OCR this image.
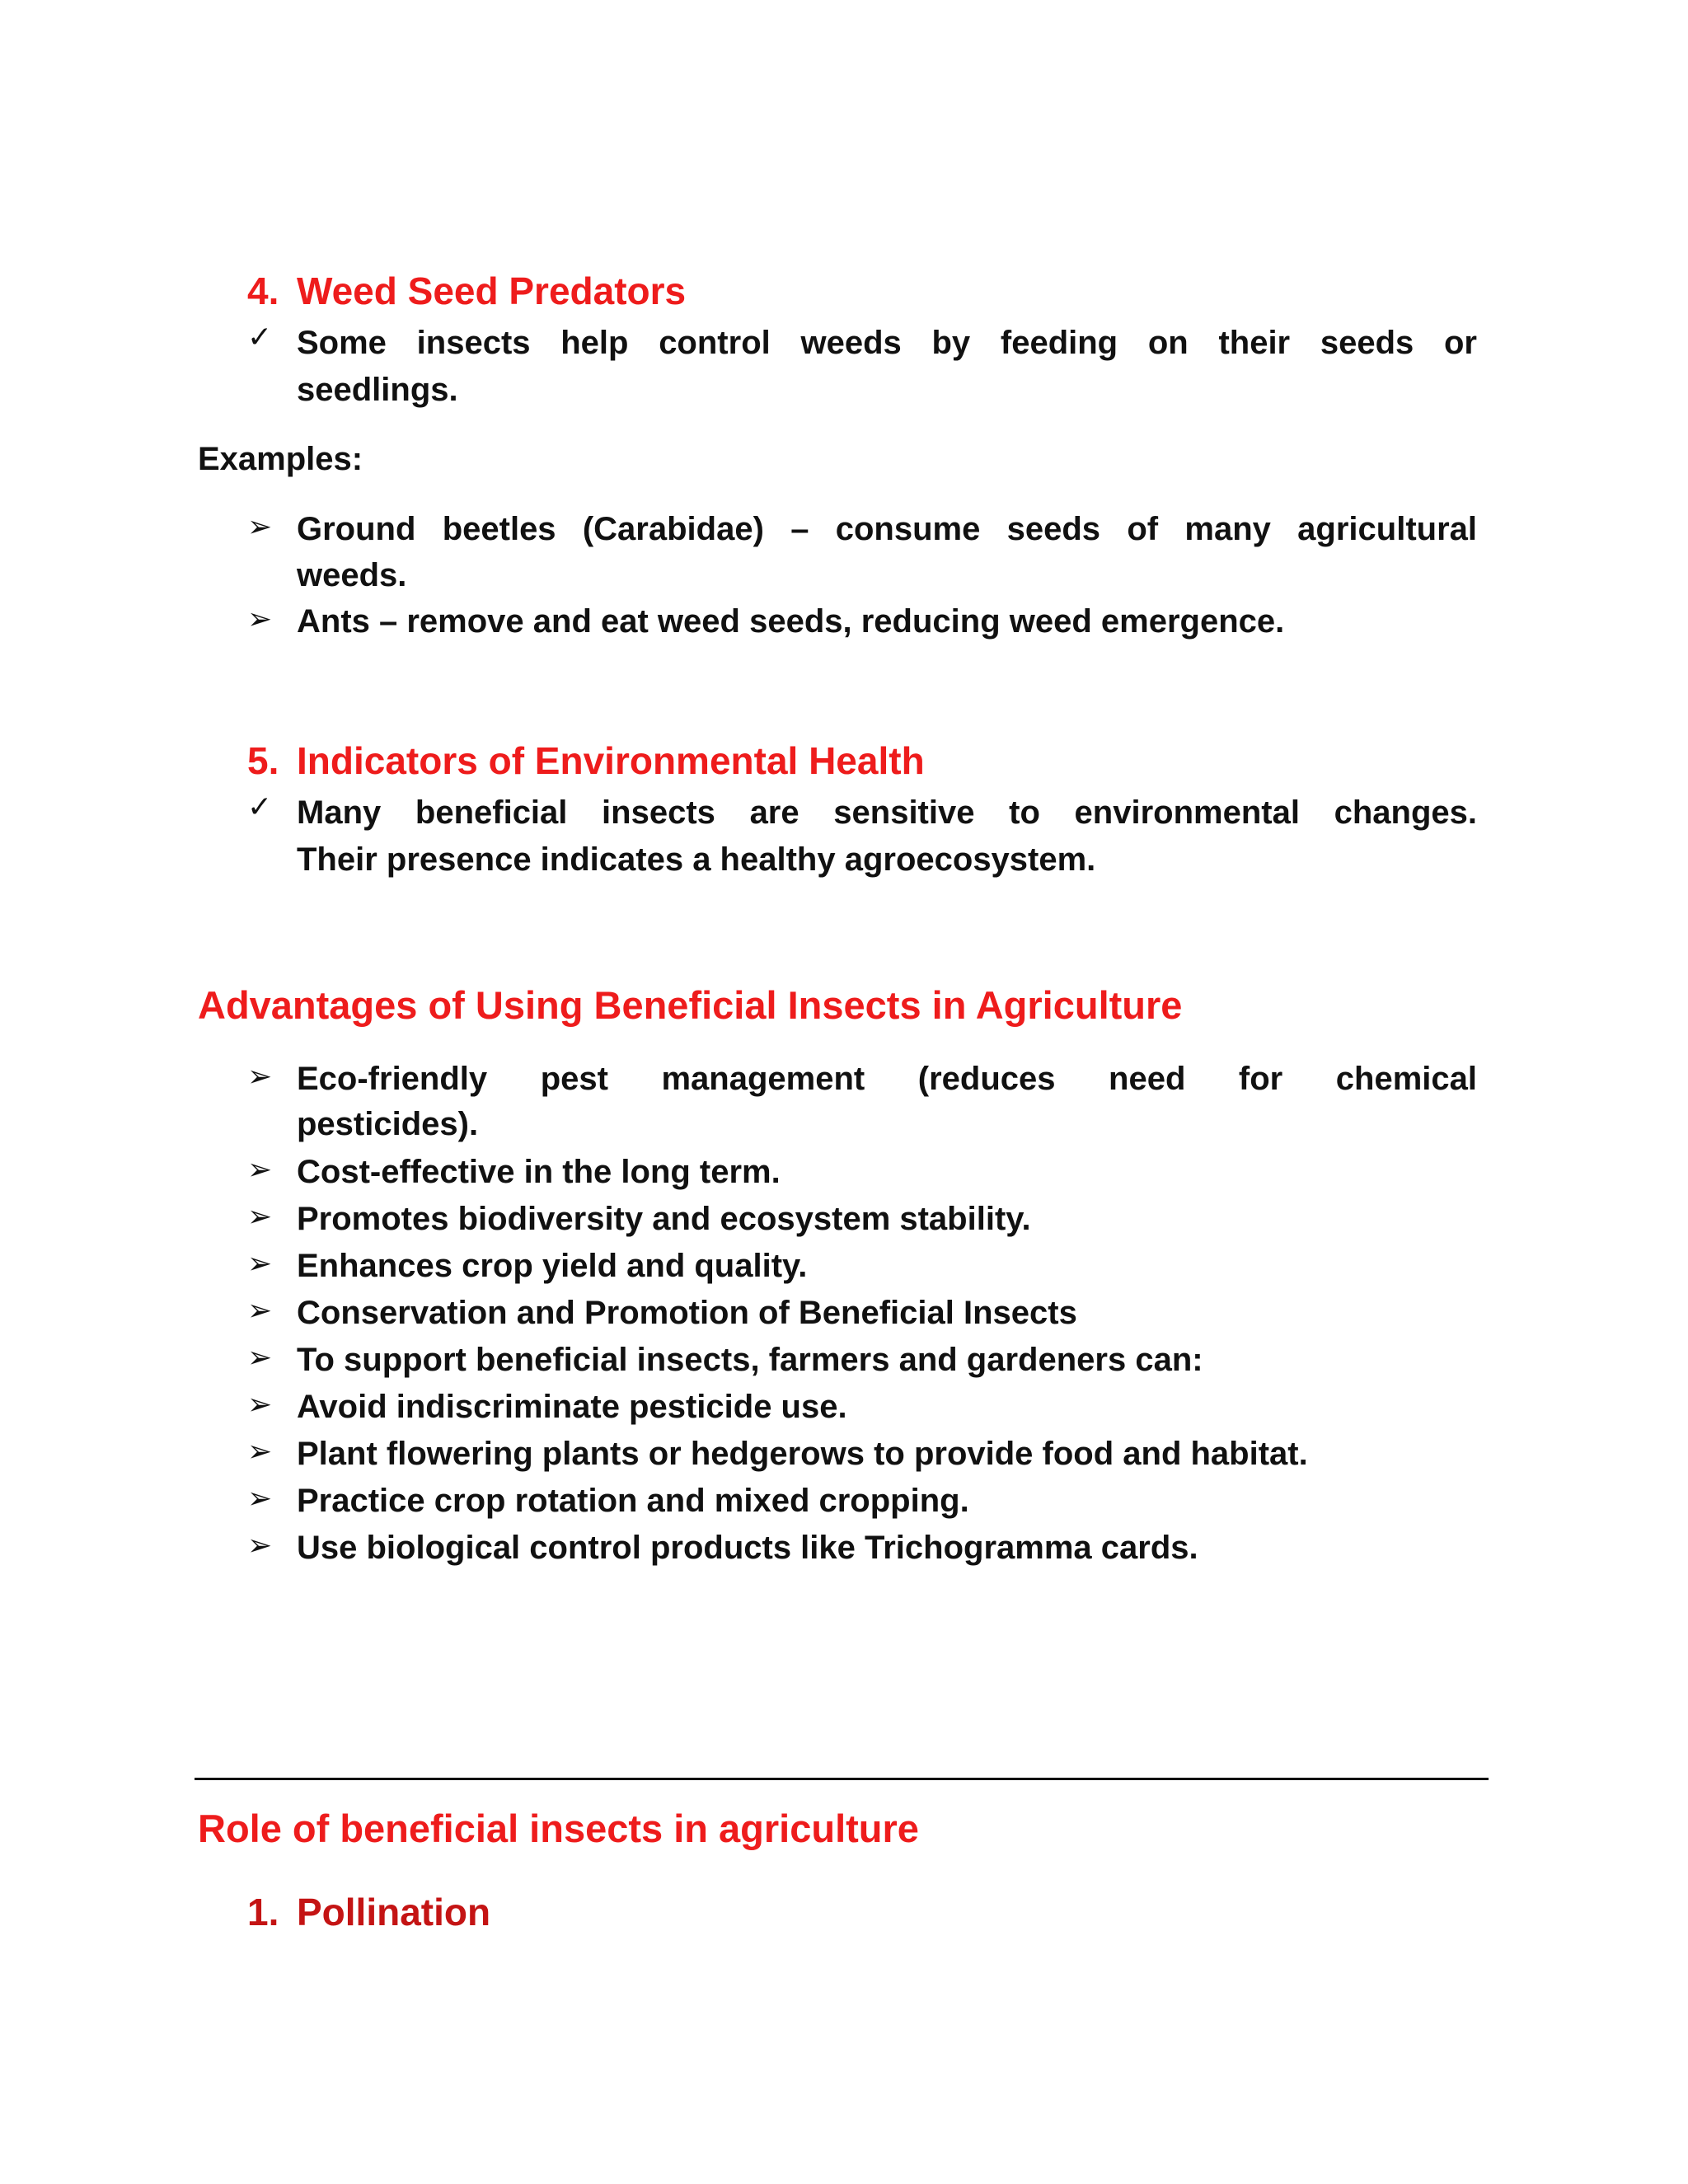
4. Weed Seed Predators
✓ Some insects help control weeds by feeding on their seeds or
seedlings.
Examples:
➢ Ground beetles (Carabidae) – consume seeds of many agricultural
weeds.
➢ Ants – remove and eat weed seeds, reducing weed emergence.
5. Indicators of Environmental Health
✓ Many beneficial insects are sensitive to environmental changes.
Their presence indicates a healthy agroecosystem.
Advantages of Using Beneficial Insects in Agriculture
➢ Eco-friendly pest management (reduces need for chemical
pesticides).
➢ Cost-effective in the long term.
➢ Promotes biodiversity and ecosystem stability.
➢ Enhances crop yield and quality.
➢ Conservation and Promotion of Beneficial Insects
➢ To support beneficial insects, farmers and gardeners can:
➢ Avoid indiscriminate pesticide use.
➢ Plant flowering plants or hedgerows to provide food and habitat.
➢ Practice crop rotation and mixed cropping.
➢ Use biological control products like Trichogramma cards.
Role of beneficial insects in agriculture
1. Pollination
